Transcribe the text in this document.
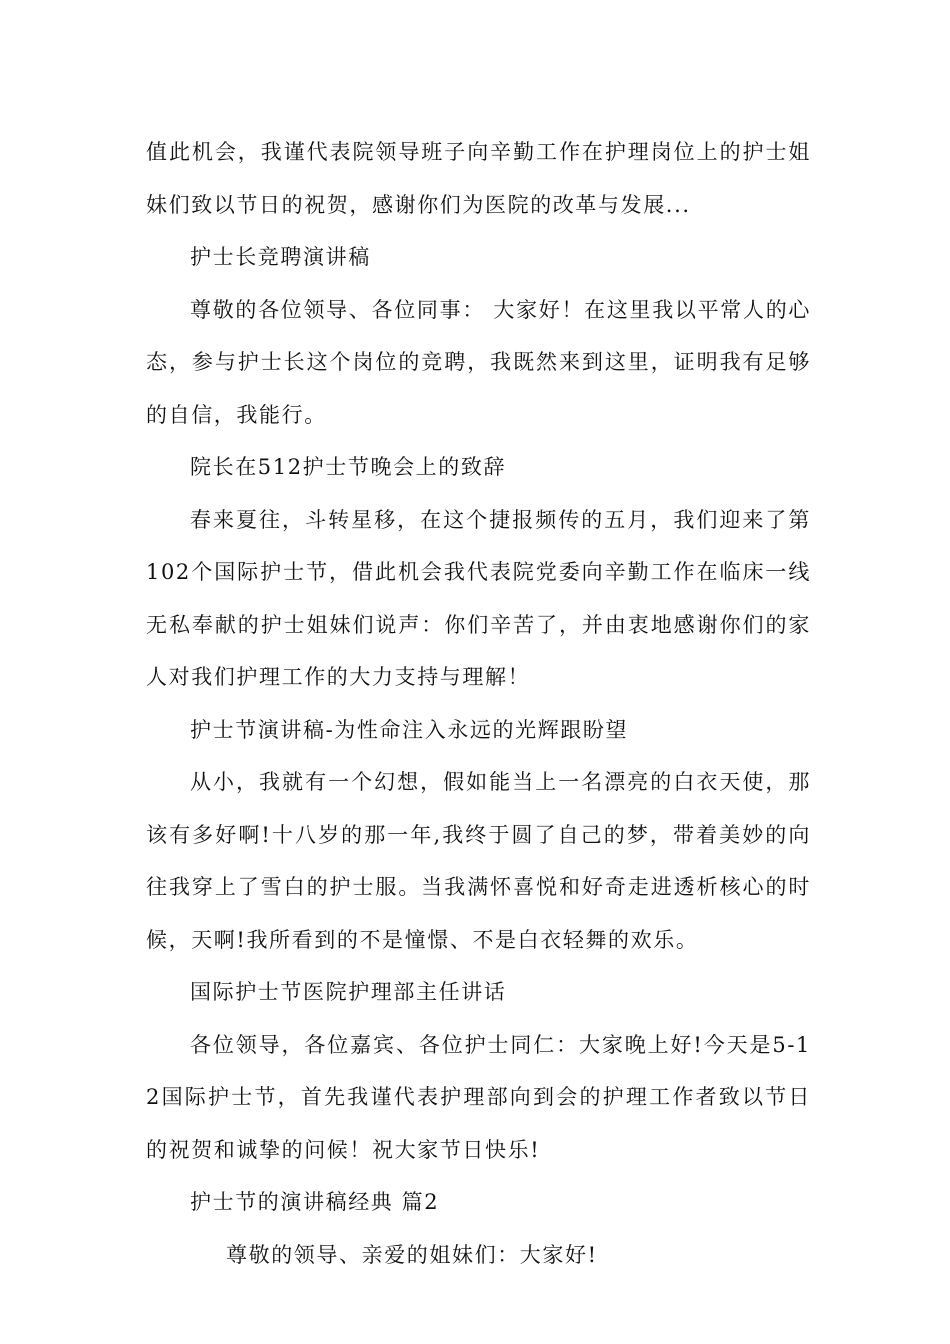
值此机会，我谨代表院领导班子向辛勤工作在护理岗位上的护士姐妹们致以节日的祝贺，感谢你们为医院的改革与发展...

护士长竞聘演讲稿

尊敬的各位领导、各位同事： 大家好！在这里我以平常人的心态，参与护士长这个岗位的竞聘，我既然来到这里，证明我有足够的自信，我能行。

院长在512护士节晚会上的致辞

春来夏往，斗转星移，在这个捷报频传的五月，我们迎来了第102个国际护士节，借此机会我代表院党委向辛勤工作在临床一线无私奉献的护士姐妹们说声：你们辛苦了，并由衷地感谢你们的家人对我们护理工作的大力支持与理解！

护士节演讲稿-为性命注入永远的光辉跟盼望

从小，我就有一个幻想，假如能当上一名漂亮的白衣天使，那该有多好啊!十八岁的那一年,我终于圆了自己的梦，带着美妙的向往我穿上了雪白的护士服。当我满怀喜悦和好奇走进透析核心的时候，天啊!我所看到的不是憧憬、不是白衣轻舞的欢乐。

国际护士节医院护理部主任讲话

各位领导，各位嘉宾、各位护士同仁：大家晚上好!今天是5-12国际护士节，首先我谨代表护理部向到会的护理工作者致以节日的祝贺和诚挚的问候！祝大家节日快乐!

护士节的演讲稿经典 篇2

尊敬的领导、亲爱的姐妹们：大家好!
